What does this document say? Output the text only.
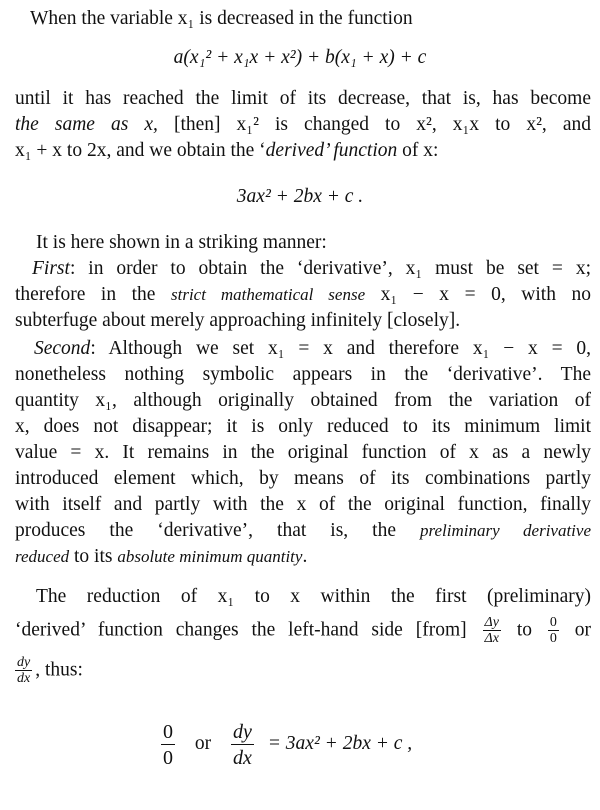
When the variable x₁ is decreased in the function
a(x₁² + x₁x + x²) + b(x₁ + x) + c
until it has reached the limit of its decrease, that is, has become
the same as x, [then] x₁² is changed to x², x₁x to x², and
x₁ + x to 2x, and we obtain the ‘derived’ function of x:
3ax² + 2bx + c .
It is here shown in a striking manner:
First: in order to obtain the ‘derivative’, x₁ must be set = x;
therefore in the strict mathematical sense x₁ − x = 0, with no
subterfuge about merely approaching infinitely [closely].
Second: Although we set x₁ = x and therefore x₁ − x = 0,
nonetheless nothing symbolic appears in the ‘derivative’. The
quantity x₁, although originally obtained from the variation of
x, does not disappear; it is only reduced to its minimum limit
value = x. It remains in the original function of x as a newly
introduced element which, by means of its combinations partly
with itself and partly with the x of the original function, finally
produces the ‘derivative’, that is, the preliminary derivative
reduced to its absolute minimum quantity.
The reduction of x₁ to x within the first (preliminary)
‘derived’ function changes the left-hand side [from] $\frac{\Delta y}{\Delta x}$ to $\frac{0}{0}$ or
$\frac{dy}{dx}$ , thus:
$\frac{0}{0}$ or $\frac{dy}{dx} = 3ax^2 + 2bx + c$ ,
